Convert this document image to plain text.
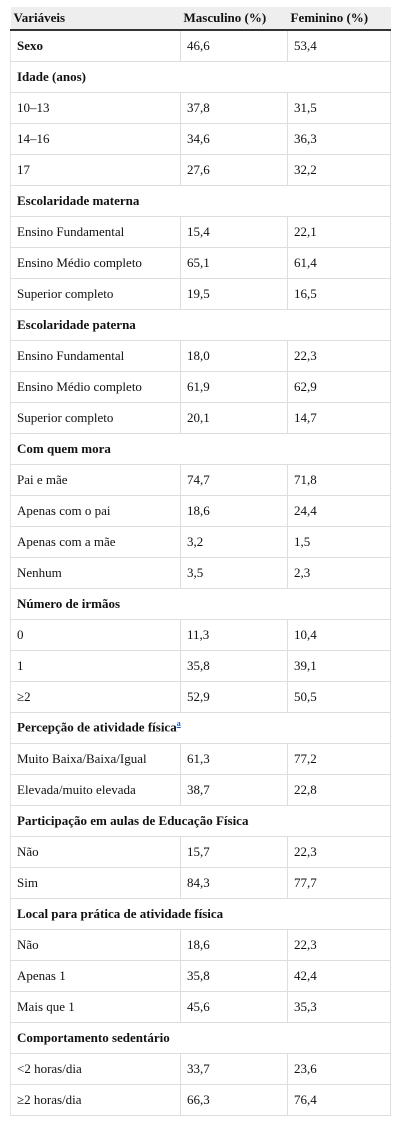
Variáveis	Masculino (%)	Feminino (%)
Sexo	46,6	53,4
Idade (anos)		
10–13	37,8	31,5
14–16	34,6	36,3
17	27,6	32,2
Escolaridade materna		
Ensino Fundamental	15,4	22,1
Ensino Médio completo	65,1	61,4
Superior completo	19,5	16,5
Escolaridade paterna		
Ensino Fundamental	18,0	22,3
Ensino Médio completo	61,9	62,9
Superior completo	20,1	14,7
Com quem mora		
Pai e mãe	74,7	71,8
Apenas com o pai	18,6	24,4
Apenas com a mãe	3,2	1,5
Nenhum	3,5	2,3
Número de irmãos		
0	11,3	10,4
1	35,8	39,1
≥2	52,9	50,5
Percepção de atividade física$^a$
Muito Baixa/Baixa/Igual	61,3	77,2
Elevada/muito elevada	38,7	22,8
Participação em aulas de Educação Física		
Não	15,7	22,3
Sim	84,3	77,7
Local para prática de atividade física		
Não	18,6	22,3
Apenas 1	35,8	42,4
Mais que 1	45,6	35,3
Comportamento sedentário		
<2 horas/dia	33,7	23,6
≥2 horas/dia	66,3	76,4
